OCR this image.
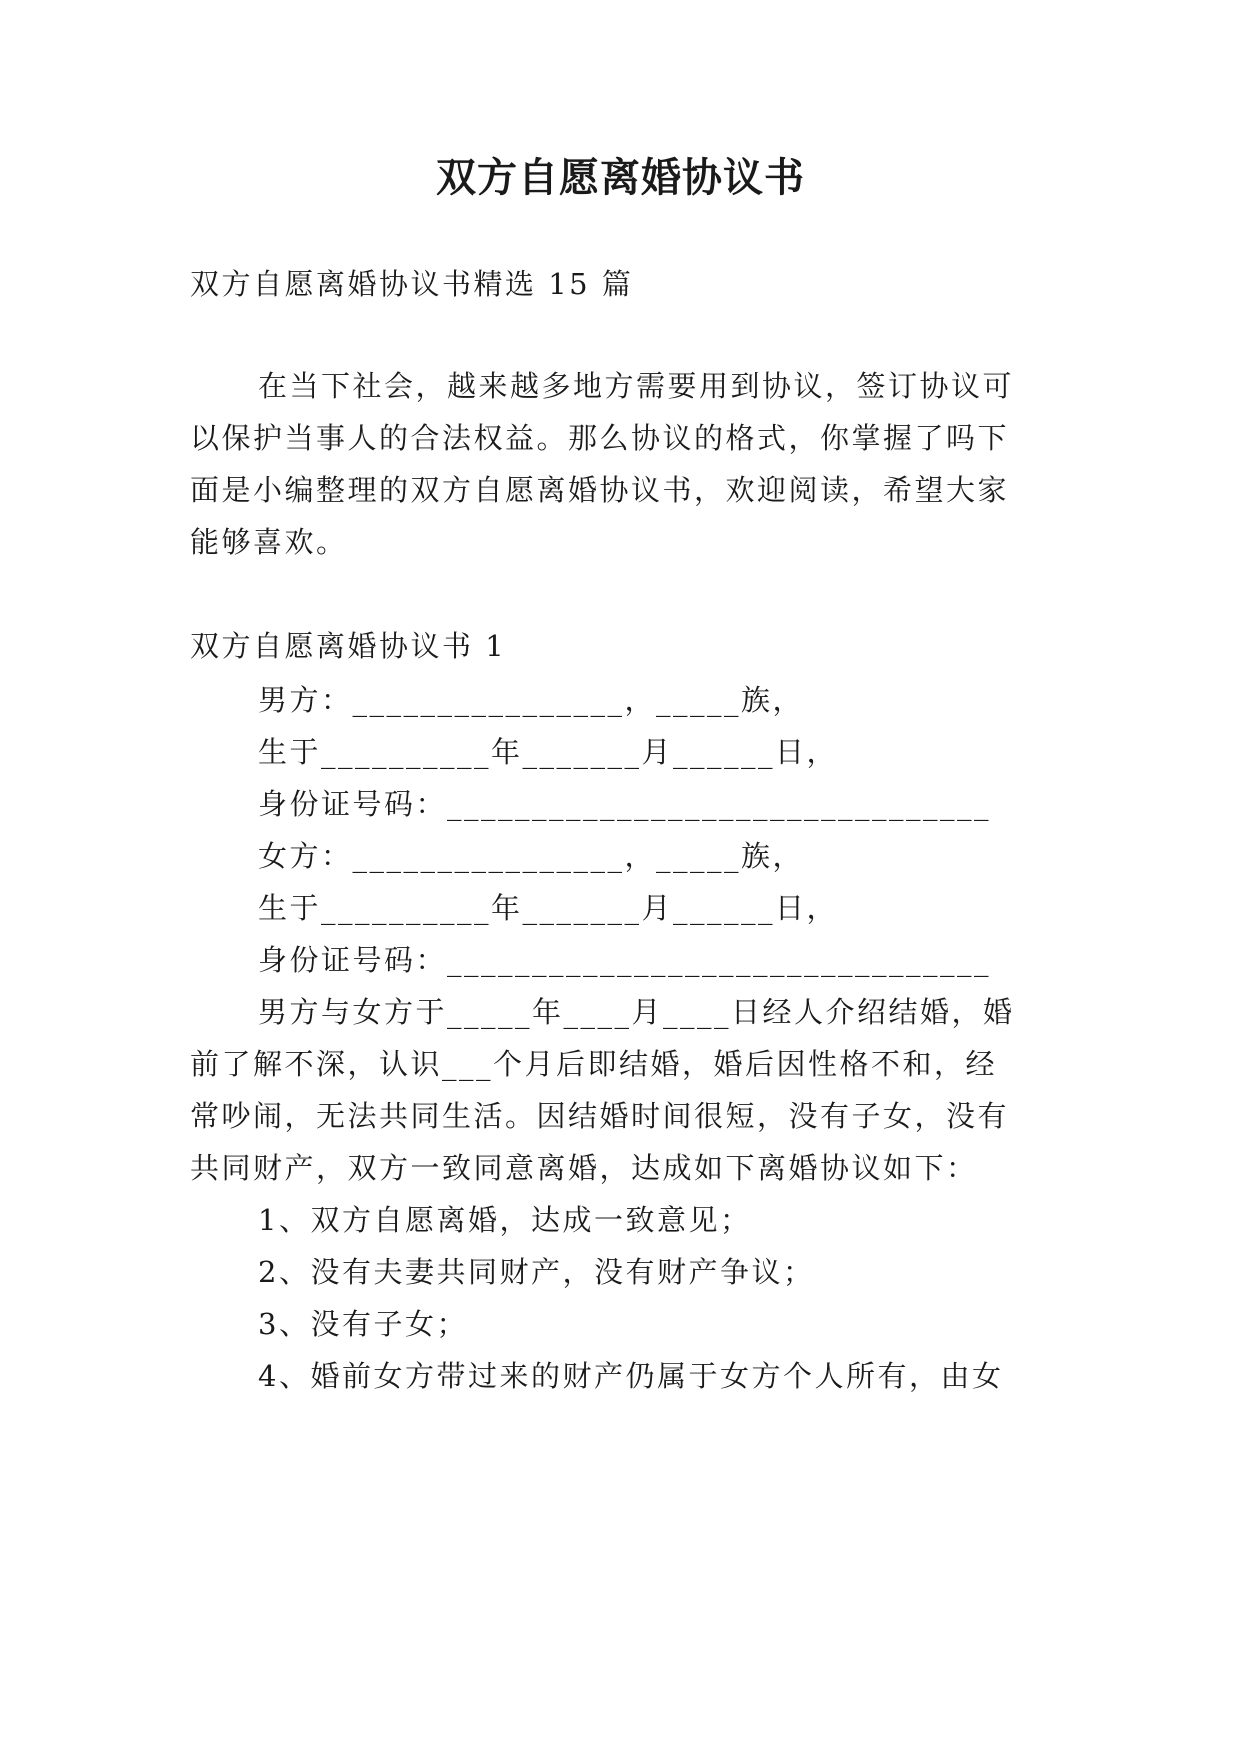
双方自愿离婚协议书
双方自愿离婚协议书精选 15 篇
在当下社会，越来越多地方需要用到协议，签订协议可
以保护当事人的合法权益。那么协议的格式，你掌握了吗下
面是小编整理的双方自愿离婚协议书，欢迎阅读，希望大家
能够喜欢。
双方自愿离婚协议书 1
男方：________________，_____族，
生于__________年_______月______日，
身份证号码：________________________________
女方：________________，_____族，
生于__________年_______月______日，
身份证号码：________________________________
男方与女方于_____年____月____日经人介绍结婚，婚
前了解不深，认识___个月后即结婚，婚后因性格不和，经
常吵闹，无法共同生活。因结婚时间很短，没有子女，没有
共同财产，双方一致同意离婚，达成如下离婚协议如下：
1、双方自愿离婚，达成一致意见；
2、没有夫妻共同财产，没有财产争议；
3、没有子女；
4、婚前女方带过来的财产仍属于女方个人所有，由女
